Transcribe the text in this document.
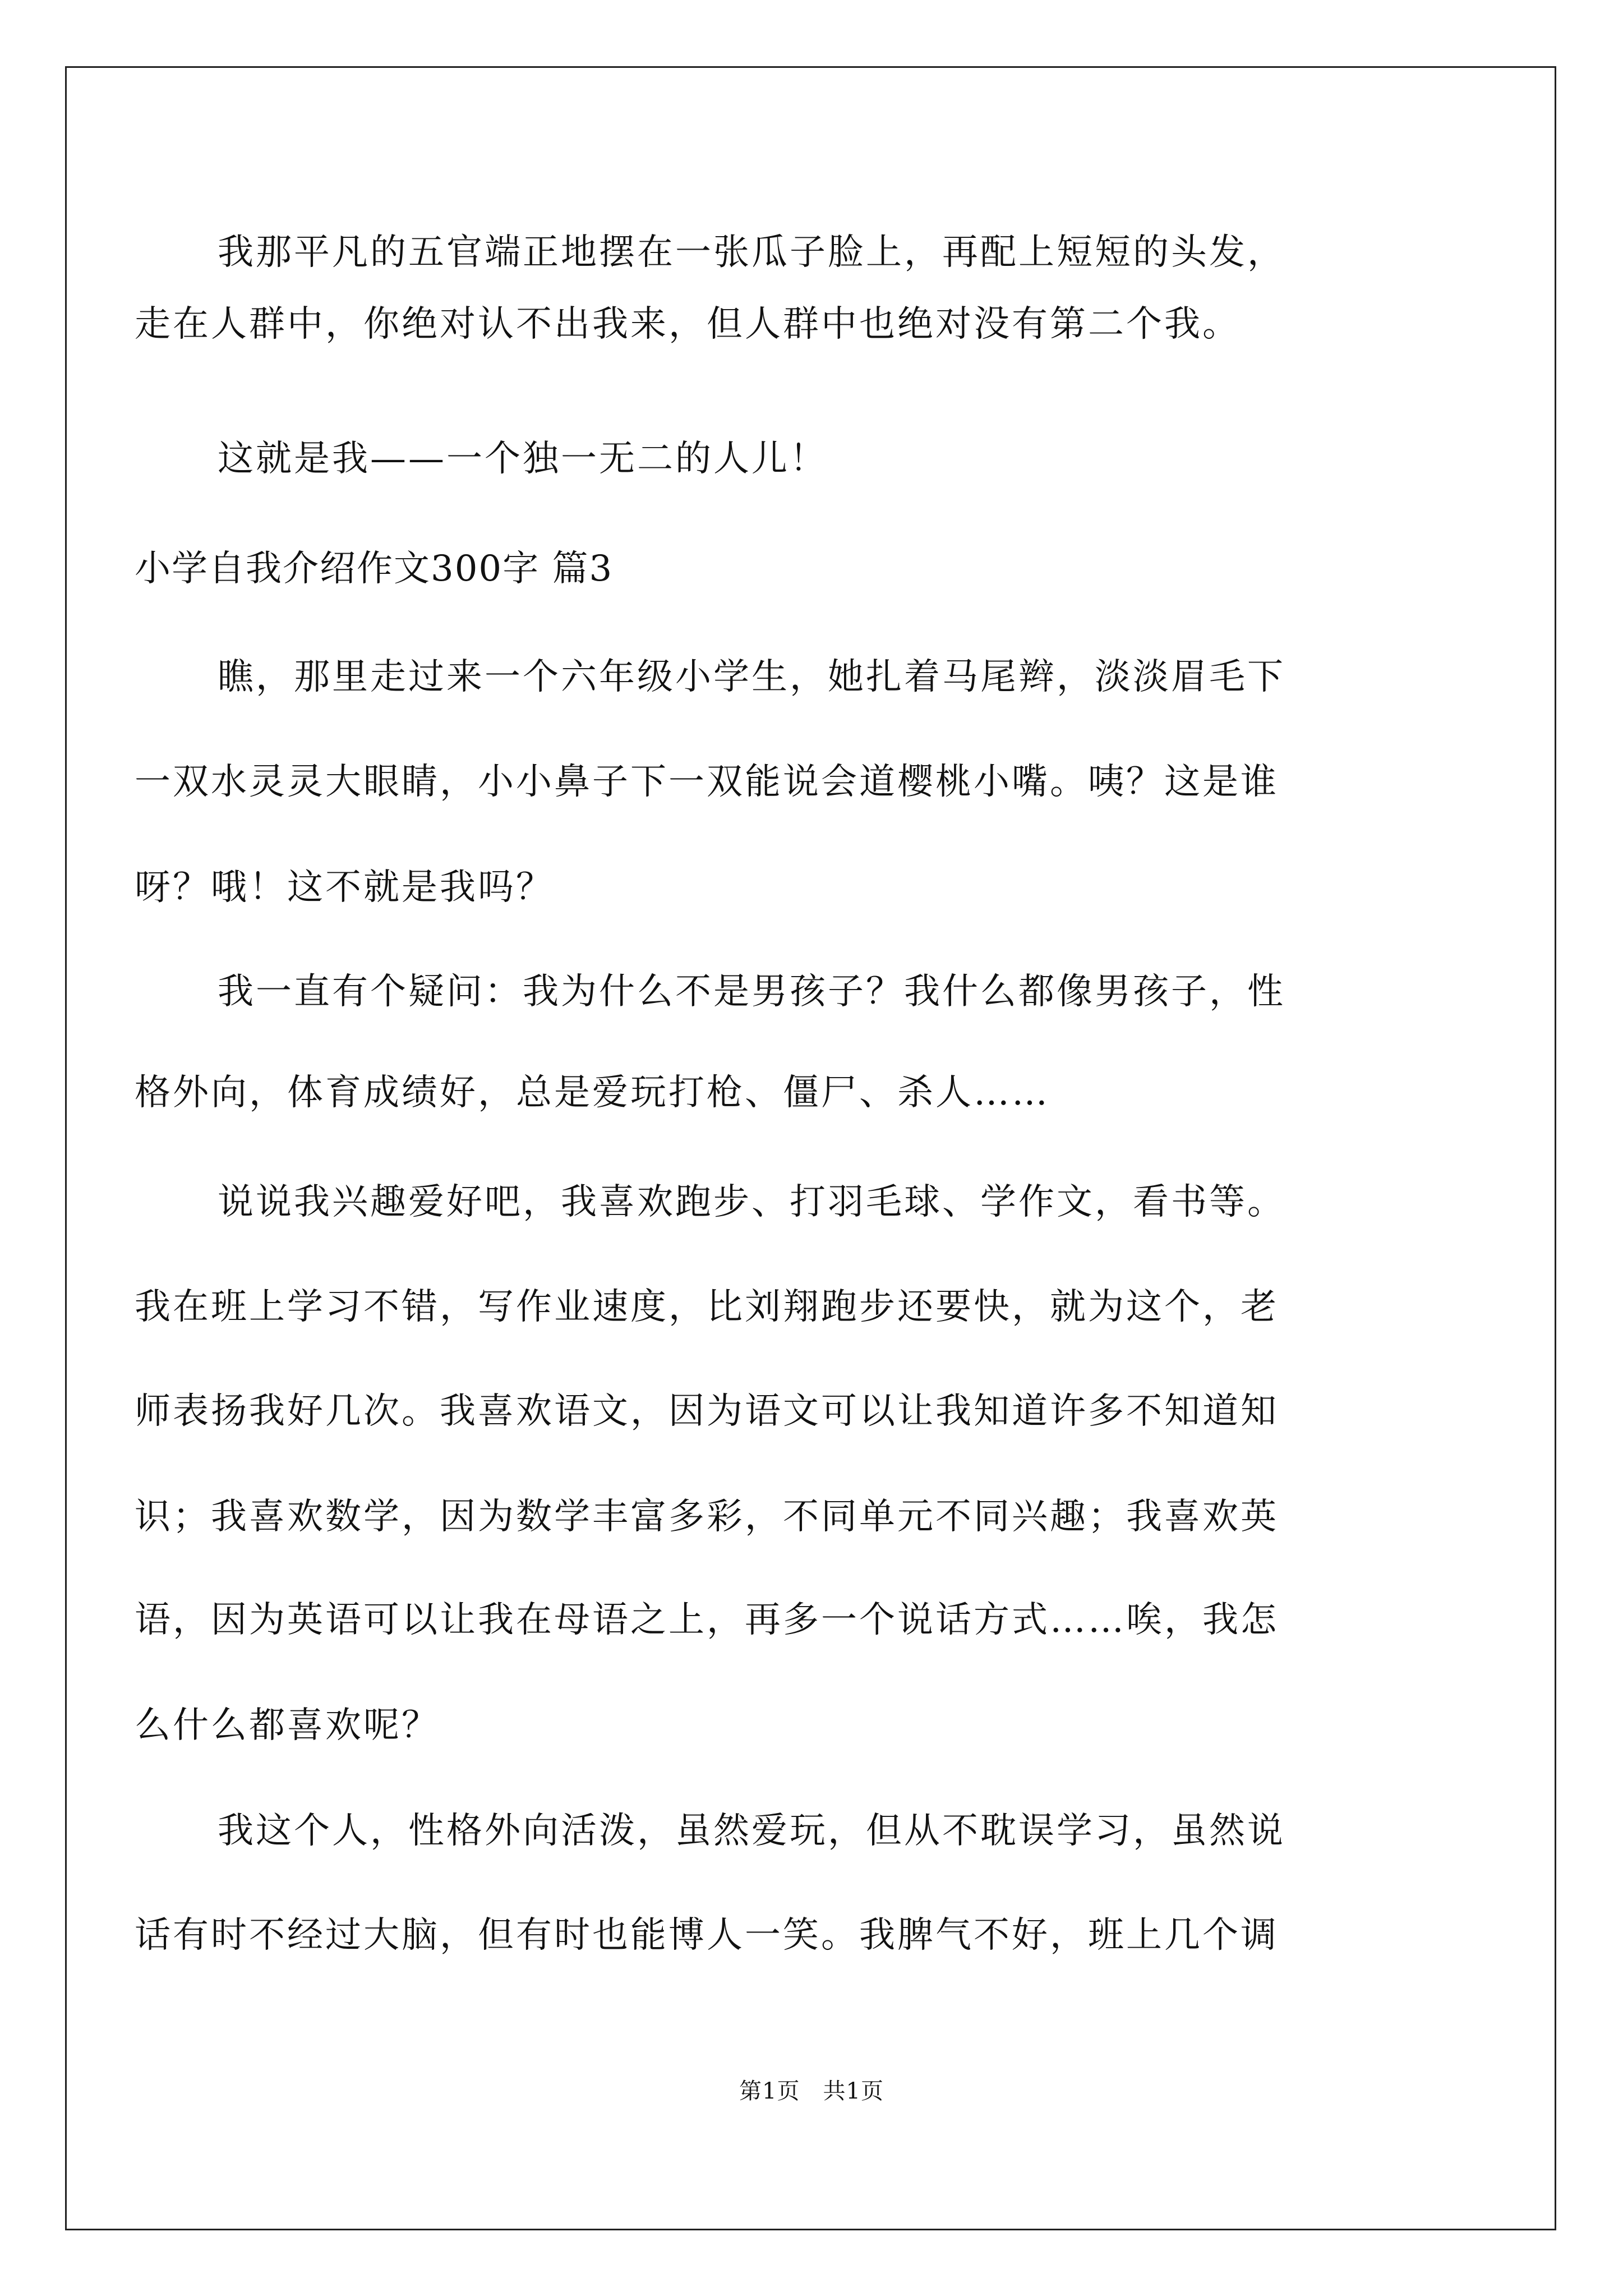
我那平凡的五官端正地摆在一张瓜子脸上，再配上短短的头发，
走在人群中，你绝对认不出我来，但人群中也绝对没有第二个我。
这就是我——一个独一无二的人儿！
小学自我介绍作文300字 篇3
瞧，那里走过来一个六年级小学生，她扎着马尾辫，淡淡眉毛下
一双水灵灵大眼睛，小小鼻子下一双能说会道樱桃小嘴。咦？这是谁
呀？哦！这不就是我吗？
我一直有个疑问：我为什么不是男孩子？我什么都像男孩子，性
格外向，体育成绩好，总是爱玩打枪、僵尸、杀人……
说说我兴趣爱好吧，我喜欢跑步、打羽毛球、学作文，看书等。
我在班上学习不错，写作业速度，比刘翔跑步还要快，就为这个，老
师表扬我好几次。我喜欢语文，因为语文可以让我知道许多不知道知
识；我喜欢数学，因为数学丰富多彩，不同单元不同兴趣；我喜欢英
语，因为英语可以让我在母语之上，再多一个说话方式……唉，我怎
么什么都喜欢呢？
我这个人，性格外向活泼，虽然爱玩，但从不耽误学习，虽然说
话有时不经过大脑，但有时也能博人一笑。我脾气不好，班上几个调
第1页　共1页
